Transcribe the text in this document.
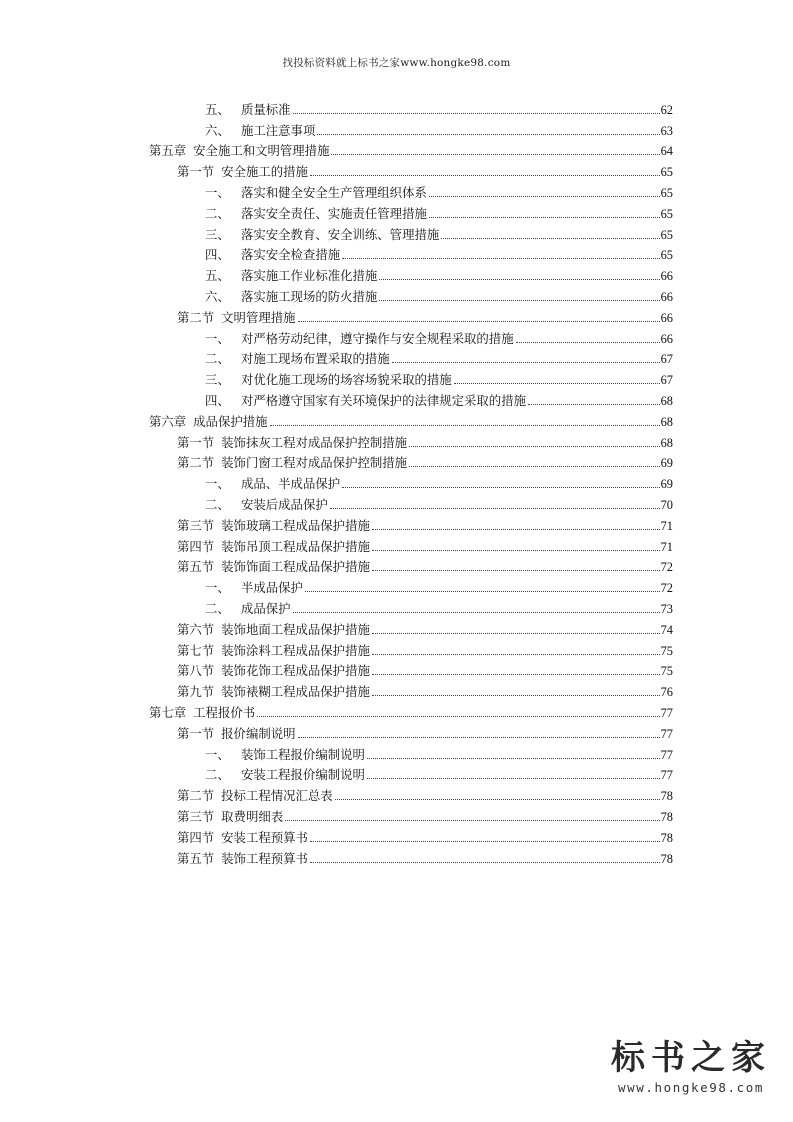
找投标资料就上标书之家www.hongke98.com
五、 质量标准	62
六、 施工注意事项	63
第五章 安全施工和文明管理措施	64
第一节 安全施工的措施	65
一、 落实和健全安全生产管理组织体系	65
二、 落实安全责任、实施责任管理措施	65
三、 落实安全教育、安全训练、管理措施	65
四、 落实安全检查措施	65
五、 落实施工作业标准化措施	66
六、 落实施工现场的防火措施	66
第二节 文明管理措施	66
一、 对严格劳动纪律，遵守操作与安全规程采取的措施	66
二、 对施工现场布置采取的措施	67
三、 对优化施工现场的场容场貌采取的措施	67
四、 对严格遵守国家有关环境保护的法律规定采取的措施	68
第六章 成品保护措施	68
第一节 装饰抹灰工程对成品保护控制措施	68
第二节 装饰门窗工程对成品保护控制措施	69
一、 成品、半成品保护	69
二、 安装后成品保护	70
第三节 装饰玻璃工程成品保护措施	71
第四节 装饰吊顶工程成品保护措施	71
第五节 装饰饰面工程成品保护措施	72
一、 半成品保护	72
二、 成品保护	73
第六节 装饰地面工程成品保护措施	74
第七节 装饰涂料工程成品保护措施	75
第八节 装饰花饰工程成品保护措施	75
第九节 装饰裱糊工程成品保护措施	76
第七章 工程报价书	77
第一节 报价编制说明	77
一、 装饰工程报价编制说明	77
二、 安装工程报价编制说明	77
第二节 投标工程情况汇总表	78
第三节 取费明细表	78
第四节 安装工程预算书	78
第五节 装饰工程预算书	78
标书之家
www.hongke98.com
